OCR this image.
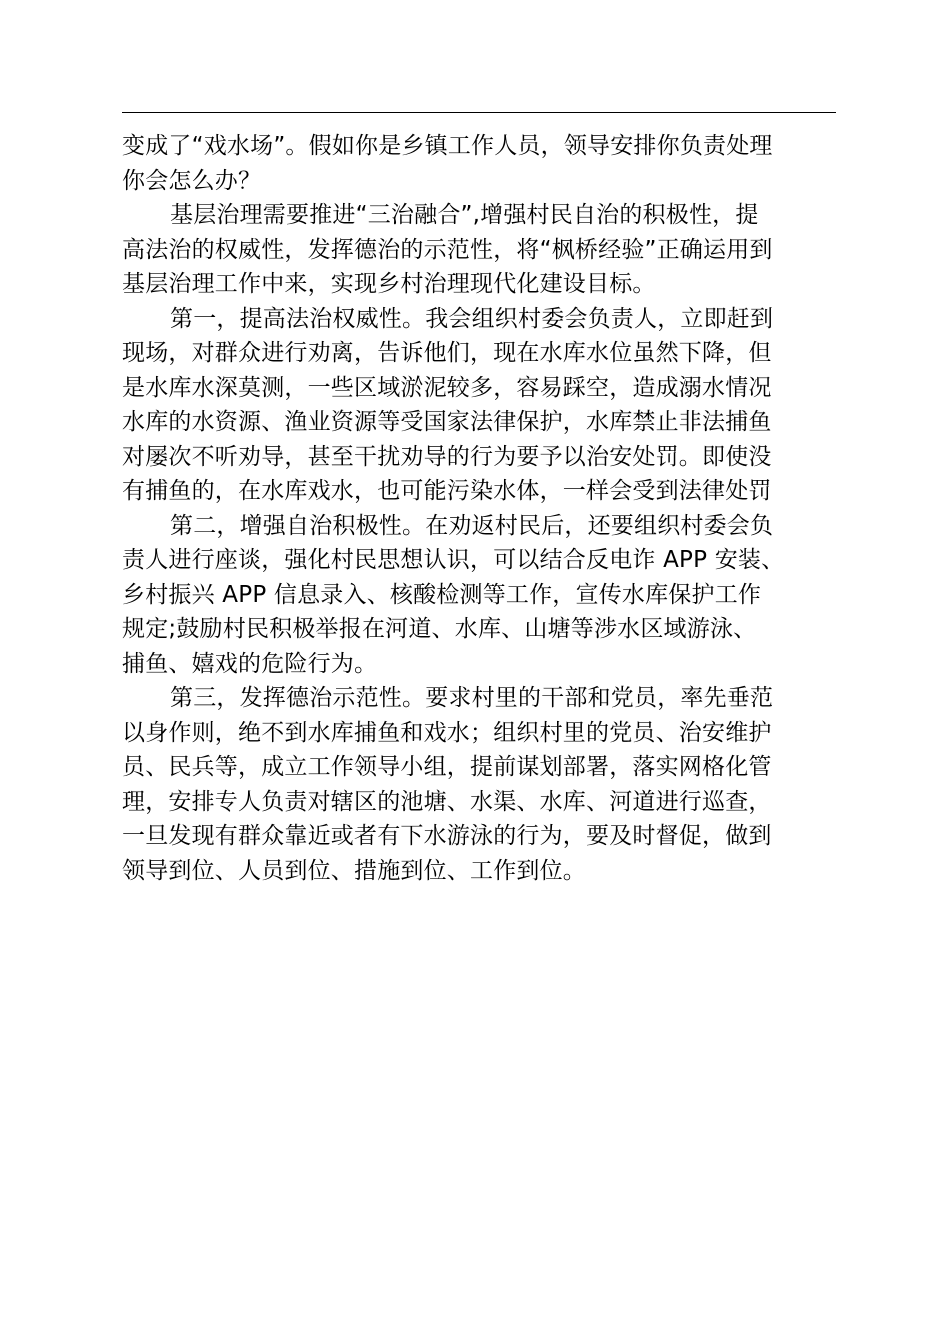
变成了“戏水场”。假如你是乡镇工作人员，领导安排你负责处理
你会怎么办？
基层治理需要推进“三治融合”,增强村民自治的积极性，提
高法治的权威性，发挥德治的示范性，将“枫桥经验”正确运用到
基层治理工作中来，实现乡村治理现代化建设目标。
第一，提高法治权威性。我会组织村委会负责人，立即赶到
现场，对群众进行劝离，告诉他们，现在水库水位虽然下降，但
是水库水深莫测，一些区域淤泥较多，容易踩空，造成溺水情况
水库的水资源、渔业资源等受国家法律保护，水库禁止非法捕鱼
对屡次不听劝导，甚至干扰劝导的行为要予以治安处罚。即使没
有捕鱼的，在水库戏水，也可能污染水体，一样会受到法律处罚
第二，增强自治积极性。在劝返村民后，还要组织村委会负
责人进行座谈，强化村民思想认识，可以结合反电诈 APP 安装、
乡村振兴 APP 信息录入、核酸检测等工作，宣传水库保护工作
规定;鼓励村民积极举报在河道、水库、山塘等涉水区域游泳、
捕鱼、嬉戏的危险行为。
第三，发挥德治示范性。要求村里的干部和党员，率先垂范
以身作则，绝不到水库捕鱼和戏水；组织村里的党员、治安维护
员、民兵等，成立工作领导小组，提前谋划部署，落实网格化管
理，安排专人负责对辖区的池塘、水渠、水库、河道进行巡查，
一旦发现有群众靠近或者有下水游泳的行为，要及时督促，做到
领导到位、人员到位、措施到位、工作到位。
